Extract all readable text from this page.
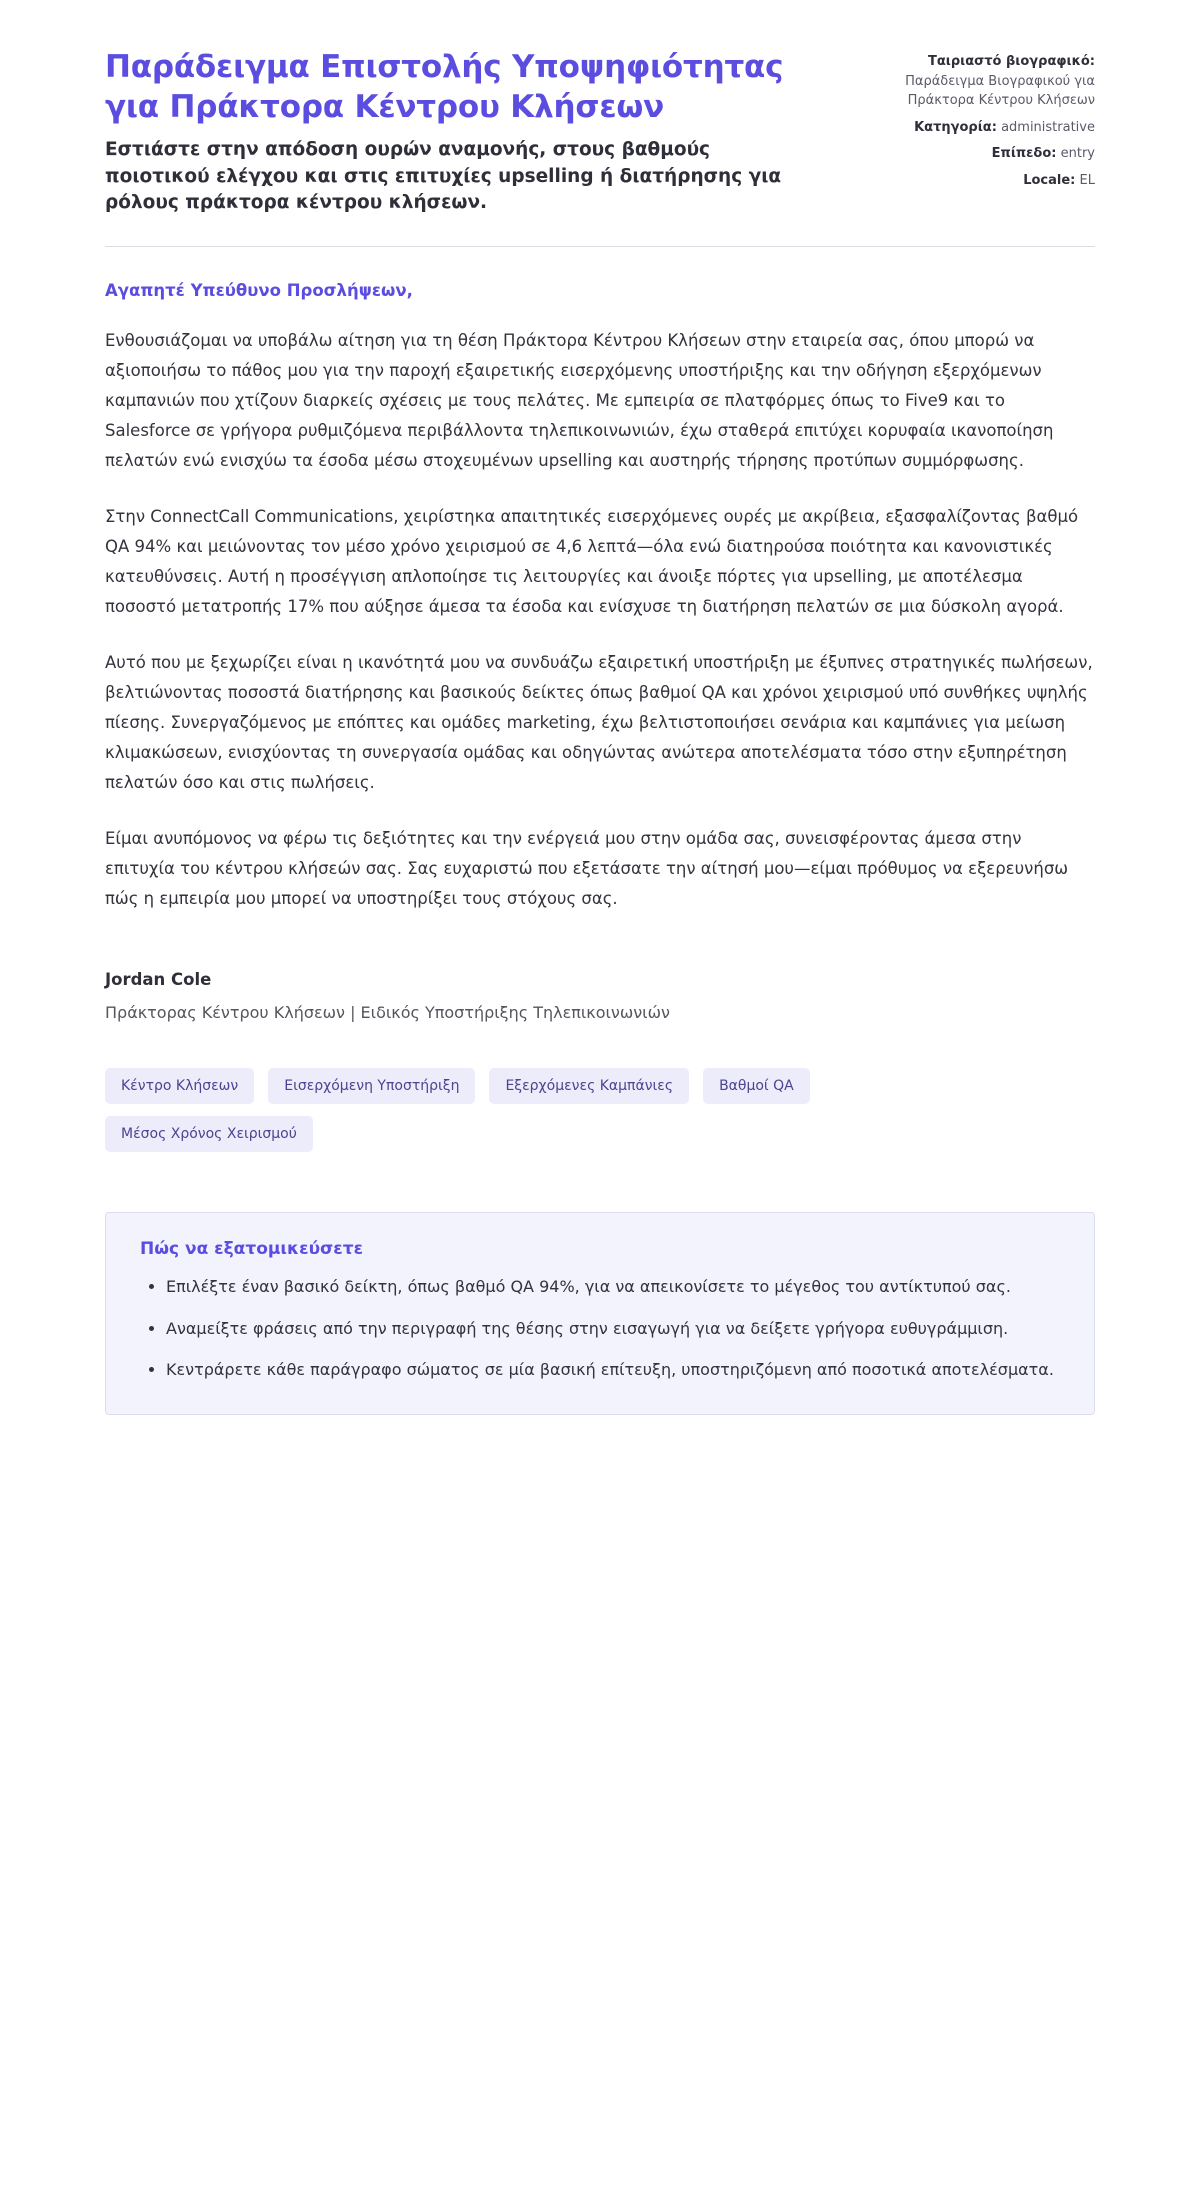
Παράδειγμα Επιστολής Υποψηφιότητας για Πράκτορα Κέντρου Κλήσεων

Εστιάστε στην απόδοση ουρών αναμονής, στους βαθμούς ποιοτικού ελέγχου και στις επιτυχίες upselling ή διατήρησης για ρόλους πράκτορα κέντρου κλήσεων.

Ταιριαστό βιογραφικό:
Παράδειγμα Βιογραφικού για Πράκτορα Κέντρου Κλήσεων
Κατηγορία: administrative
Επίπεδο: entry
Locale: EL

Αγαπητέ Υπεύθυνο Προσλήψεων,

Ενθουσιάζομαι να υποβάλω αίτηση για τη θέση Πράκτορα Κέντρου Κλήσεων στην εταιρεία σας, όπου μπορώ να αξιοποιήσω το πάθος μου για την παροχή εξαιρετικής εισερχόμενης υποστήριξης και την οδήγηση εξερχόμενων καμπανιών που χτίζουν διαρκείς σχέσεις με τους πελάτες. Με εμπειρία σε πλατφόρμες όπως το Five9 και το Salesforce σε γρήγορα ρυθμιζόμενα περιβάλλοντα τηλεπικοινωνιών, έχω σταθερά επιτύχει κορυφαία ικανοποίηση πελατών ενώ ενισχύω τα έσοδα μέσω στοχευμένων upselling και αυστηρής τήρησης προτύπων συμμόρφωσης.

Στην ConnectCall Communications, χειρίστηκα απαιτητικές εισερχόμενες ουρές με ακρίβεια, εξασφαλίζοντας βαθμό QA 94% και μειώνοντας τον μέσο χρόνο χειρισμού σε 4,6 λεπτά—όλα ενώ διατηρούσα ποιότητα και κανονιστικές κατευθύνσεις. Αυτή η προσέγγιση απλοποίησε τις λειτουργίες και άνοιξε πόρτες για upselling, με αποτέλεσμα ποσοστό μετατροπής 17% που αύξησε άμεσα τα έσοδα και ενίσχυσε τη διατήρηση πελατών σε μια δύσκολη αγορά.

Αυτό που με ξεχωρίζει είναι η ικανότητά μου να συνδυάζω εξαιρετική υποστήριξη με έξυπνες στρατηγικές πωλήσεων, βελτιώνοντας ποσοστά διατήρησης και βασικούς δείκτες όπως βαθμοί QA και χρόνοι χειρισμού υπό συνθήκες υψηλής πίεσης. Συνεργαζόμενος με επόπτες και ομάδες marketing, έχω βελτιστοποιήσει σενάρια και καμπάνιες για μείωση κλιμακώσεων, ενισχύοντας τη συνεργασία ομάδας και οδηγώντας ανώτερα αποτελέσματα τόσο στην εξυπηρέτηση πελατών όσο και στις πωλήσεις.

Είμαι ανυπόμονος να φέρω τις δεξιότητες και την ενέργειά μου στην ομάδα σας, συνεισφέροντας άμεσα στην επιτυχία του κέντρου κλήσεών σας. Σας ευχαριστώ που εξετάσατε την αίτησή μου—είμαι πρόθυμος να εξερευνήσω πώς η εμπειρία μου μπορεί να υποστηρίξει τους στόχους σας.

Jordan Cole

Πράκτορας Κέντρου Κλήσεων | Ειδικός Υποστήριξης Τηλεπικοινωνιών

Κέντρο Κλήσεων	Εισερχόμενη Υποστήριξη	Εξερχόμενες Καμπάνιες	Βαθμοί QA
Μέσος Χρόνος Χειρισμού
Πώς να εξατομικεύσετε
• Επιλέξτε έναν βασικό δείκτη, όπως βαθμό QA 94%, για να απεικονίσετε το μέγεθος του αντίκτυπού σας.
• Αναμείξτε φράσεις από την περιγραφή της θέσης στην εισαγωγή για να δείξετε γρήγορα ευθυγράμμιση.
• Κεντράρετε κάθε παράγραφο σώματος σε μία βασική επίτευξη, υποστηριζόμενη από ποσοτικά αποτελέσματα.
